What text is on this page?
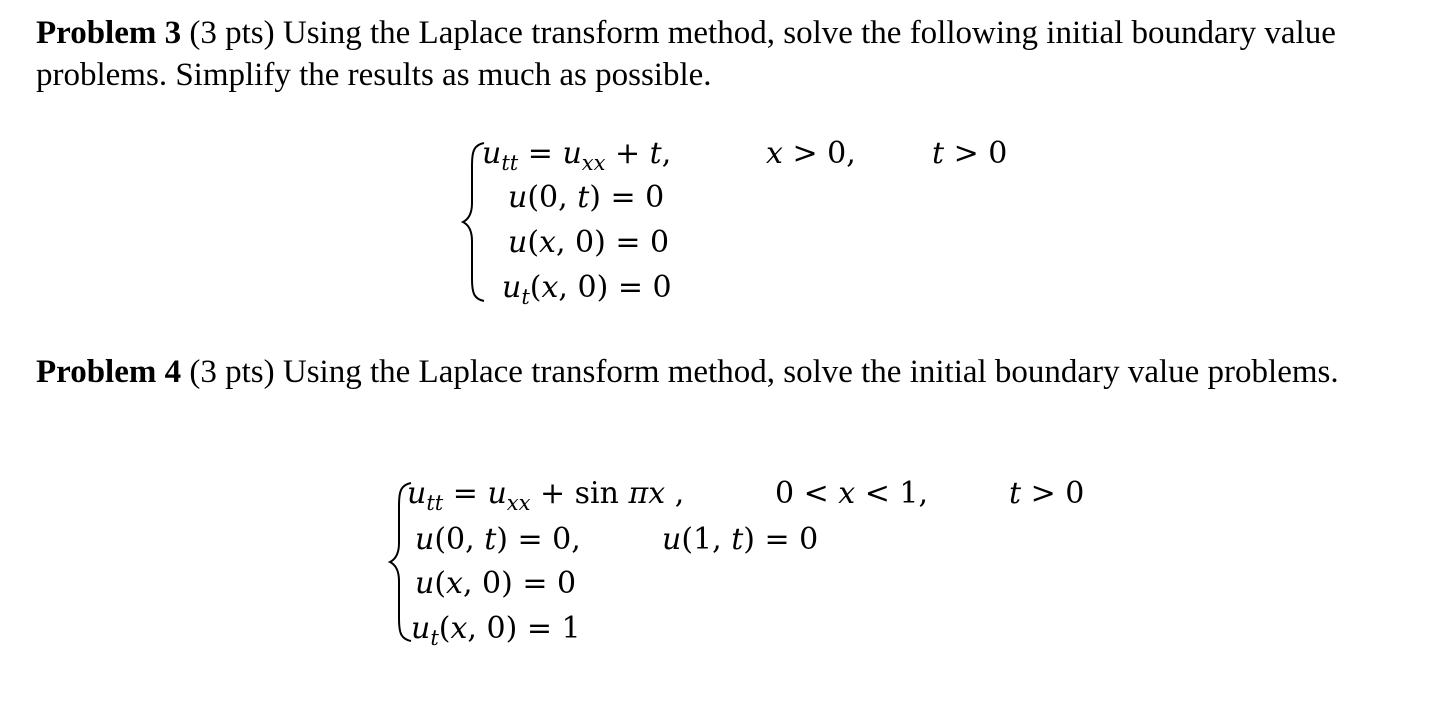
Problem 3 (3 pts) Using the Laplace transform method, solve the following initial boundary value problems. Simplify the results as much as possible.
$u_{tt} = u_{xx} + t$,	x > 0,	t > 0
u(0, t) = 0
u(x, 0) = 0
$u_t(x$, 0) = 0
Problem 4 (3 pts) Using the Laplace transform method, solve the initial boundary value problems.
$u_{tt} = u_{xx} + \sin \pi x$ ,	0 < x < 1,	t > 0
u(0, t) = 0,	u(1, t) = 0
u(x, 0) = 0
$u_t(x$, 0) = 1
